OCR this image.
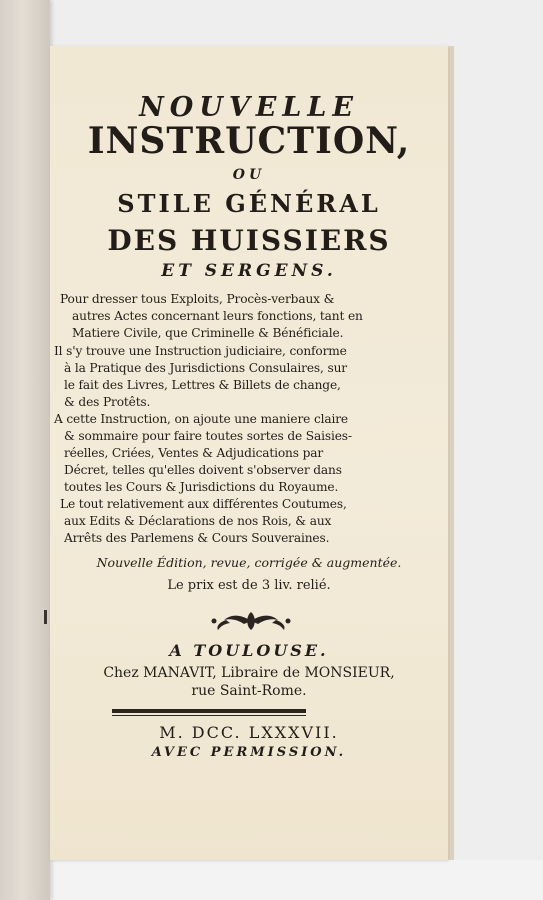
NOUVELLE
INSTRUCTION,
OU
STILE GÉNÉRAL
DES HUISSIERS
ET SERGENS.
Pour dresser tous Exploits, Procès-verbaux &
autres Actes concernant leurs fonctions, tant en
Matiere Civile, que Criminelle & Bénéficiale.
Il s'y trouve une Instruction judiciaire, conforme
à la Pratique des Jurisdictions Consulaires, sur
le fait des Livres, Lettres & Billets de change,
& des Protêts.
A cette Instruction, on ajoute une maniere claire
& sommaire pour faire toutes sortes de Saisies-
réelles, Criées, Ventes & Adjudications par
Décret, telles qu'elles doivent s'observer dans
toutes les Cours & Jurisdictions du Royaume.
Le tout relativement aux différentes Coutumes,
aux Edits & Déclarations de nos Rois, & aux
Arrêts des Parlemens & Cours Souveraines.
Nouvelle Édition, revue, corrigée & augmentée.
Le prix est de 3 liv. relié.
A TOULOUSE.
Chez MANAVIT, Libraire de MONSIEUR,
rue Saint-Rome.
M. DCC. LXXXVII.
AVEC PERMISSION.
